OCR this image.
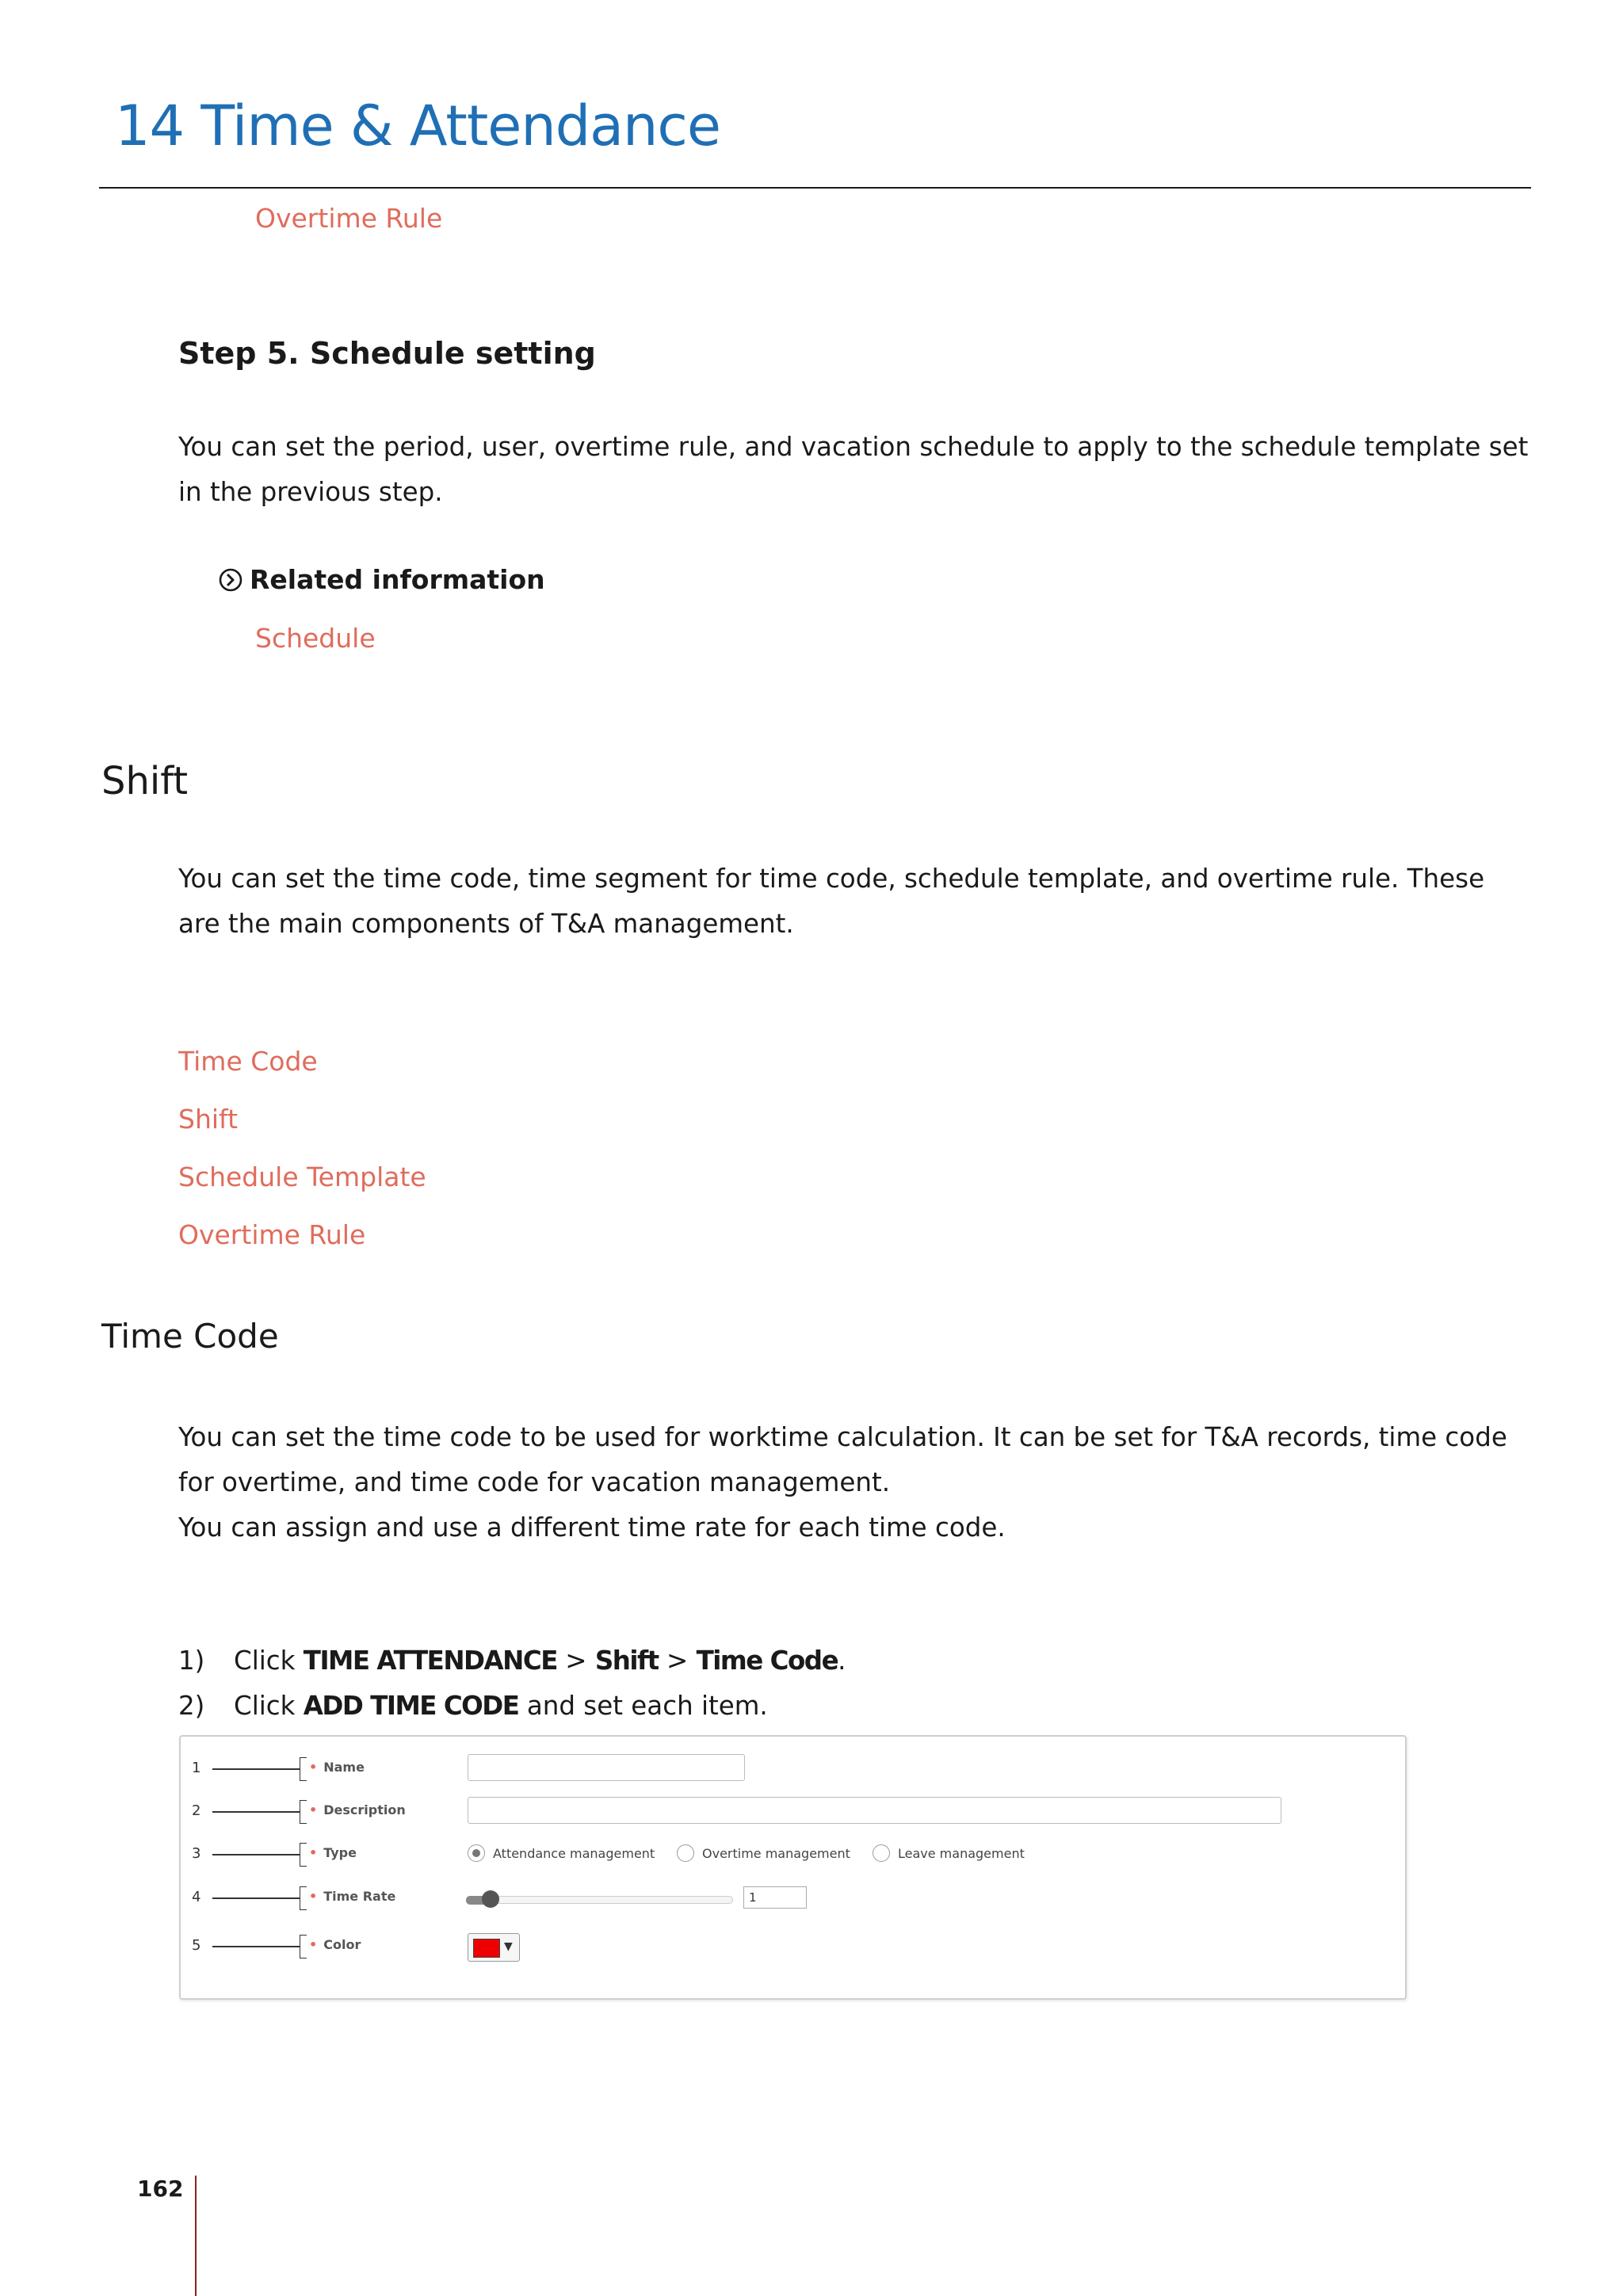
14 Time & Attendance
Overtime Rule
Step 5. Schedule setting
You can set the period, user, overtime rule, and vacation schedule to apply to the schedule template set
in the previous step.
Related information
Schedule
Shift
You can set the time code, time segment for time code, schedule template, and overtime rule. These
are the main components of T&A management.
Time Code
Shift
Schedule Template
Overtime Rule
Time Code
You can set the time code to be used for worktime calculation. It can be set for T&A records, time code
for overtime, and time code for vacation management.
You can assign and use a different time rate for each time code.
1)	Click TIME ATTENDANCE > Shift > Time Code.
2)	Click ADD TIME CODE and set each item.
1	• Name
2	• Description
3	• Type	Attendance management	Overtime management	Leave management
4	• Time Rate	1
5	• Color	▼
162
